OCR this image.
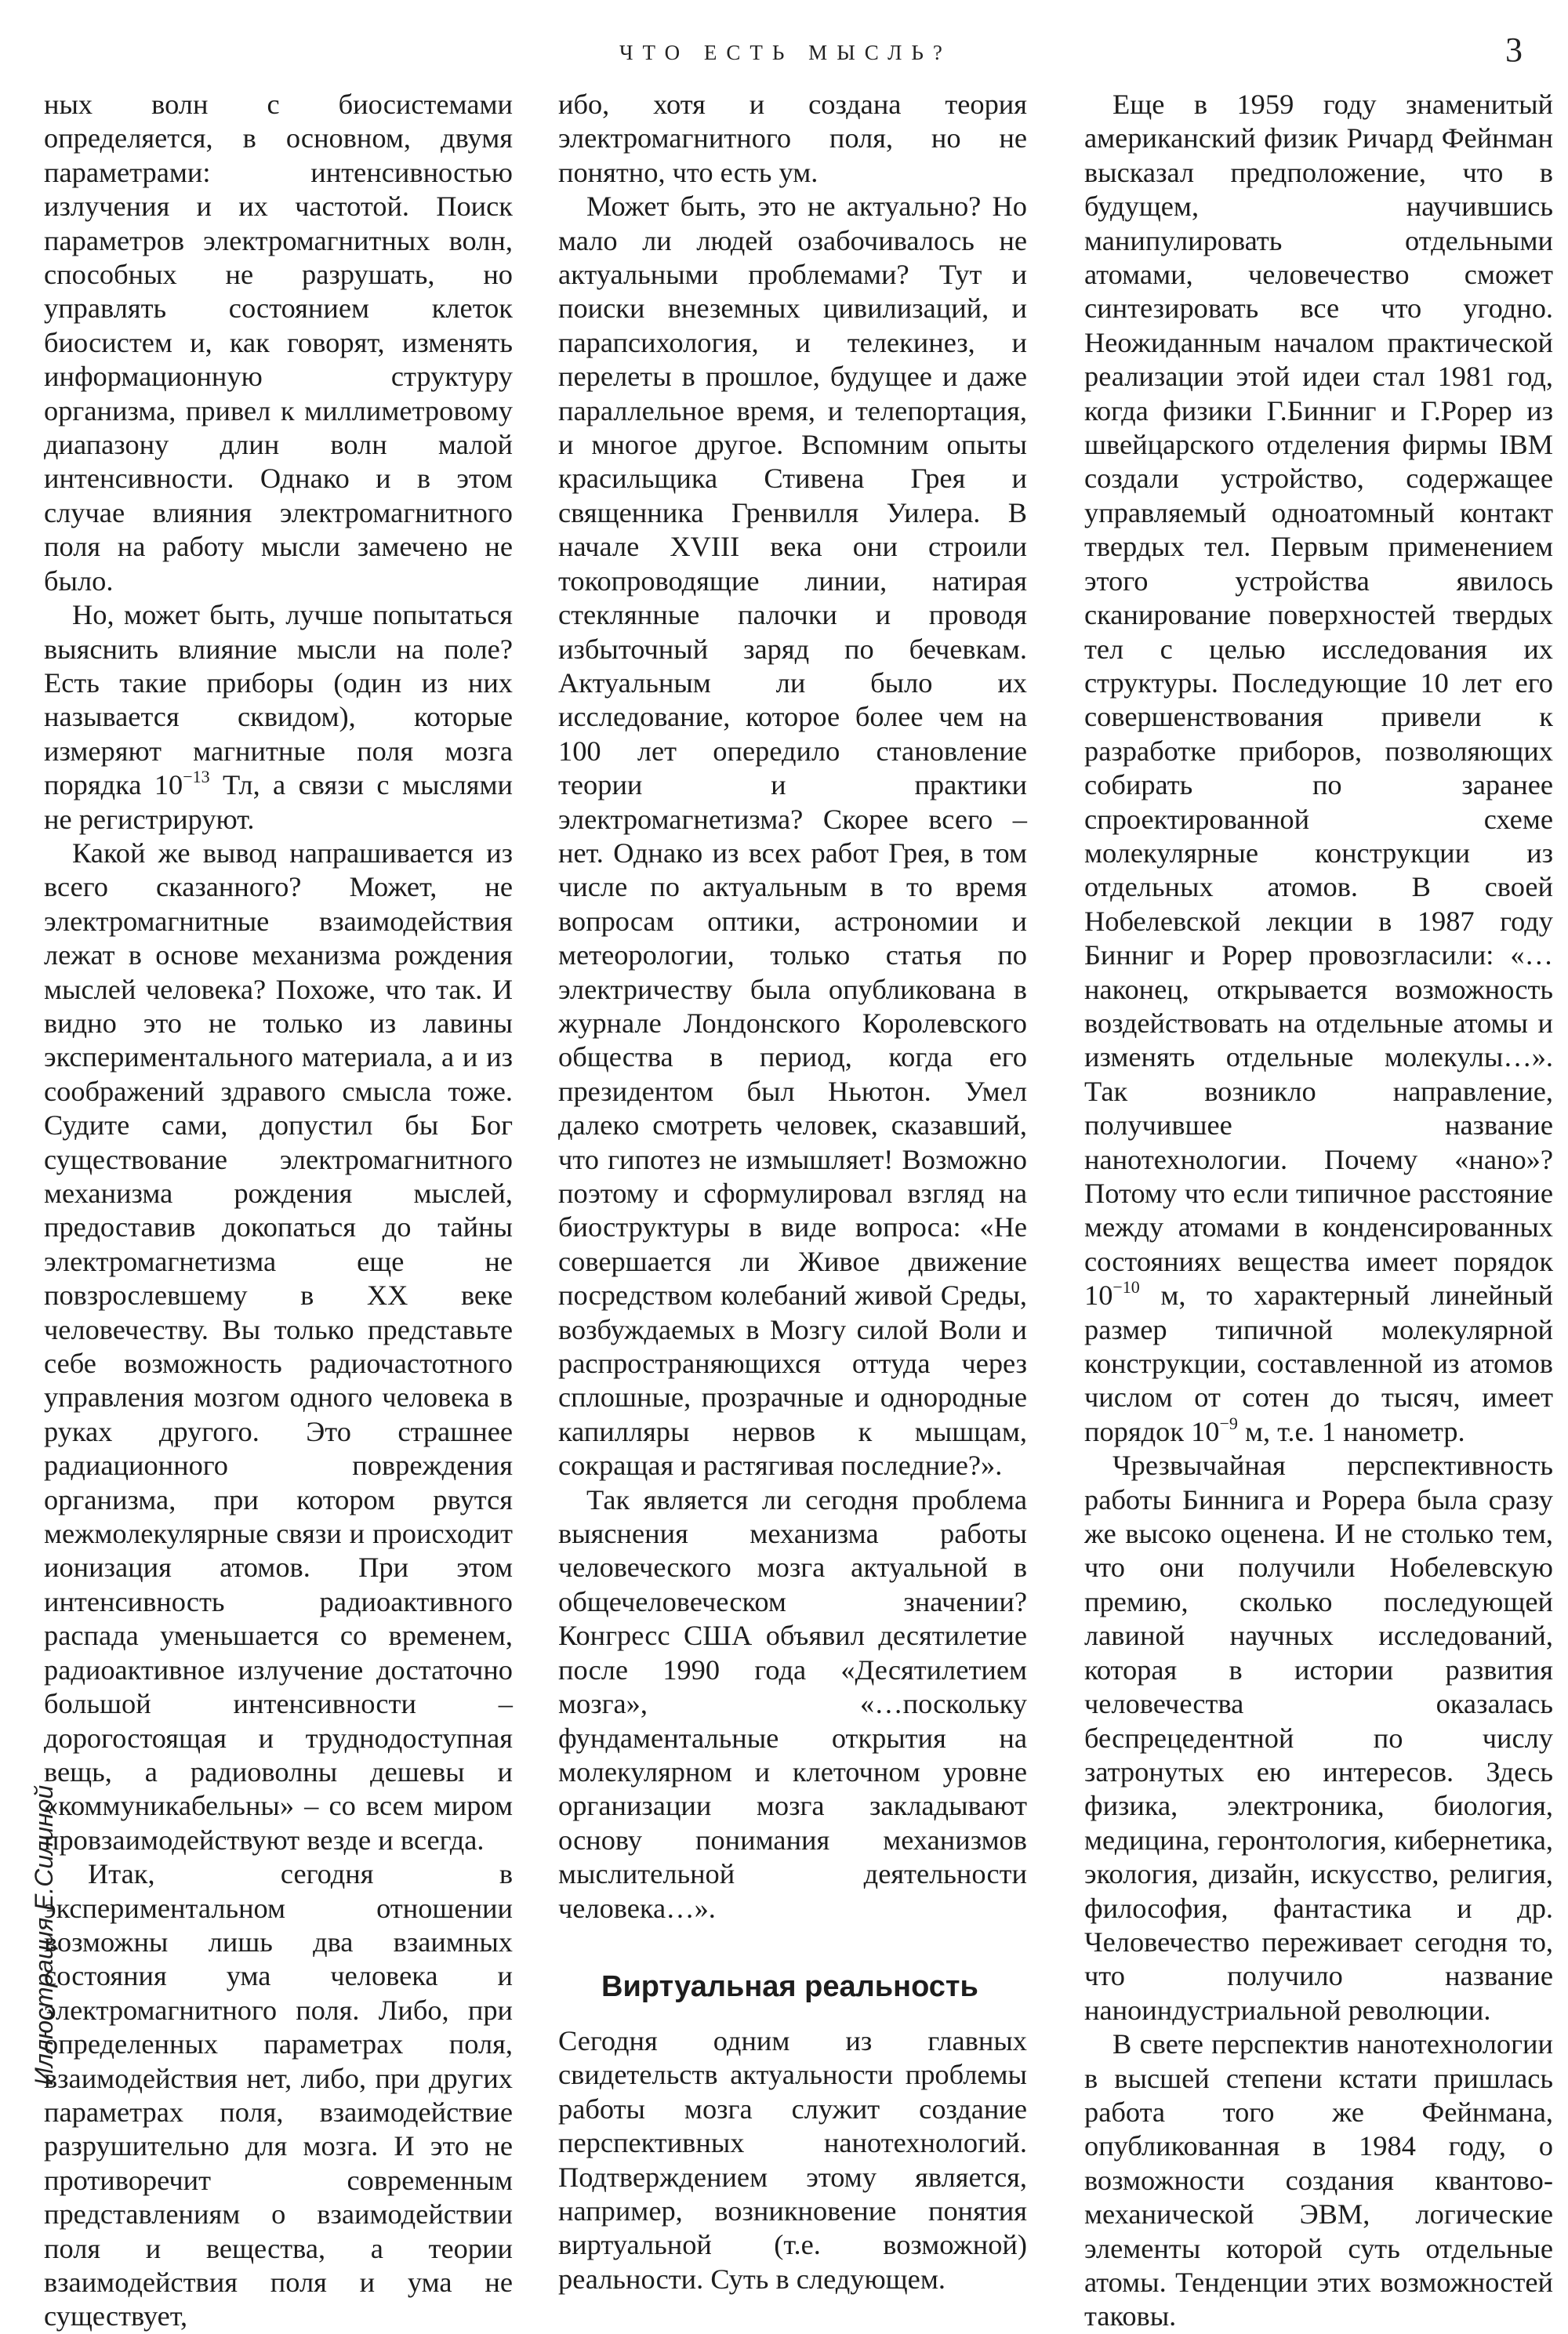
ЧТО ЕСТЬ МЫСЛЬ?	3
Иллюстрация Е.Силиной

ных волн с биосистемами определяется, в основном, двумя параметрами: интенсивностью излучения и их частотой. Поиск параметров электромагнитных волн, способных не разрушать, но управлять состоянием клеток биосистем и, как говорят, изменять информационную структуру организма, привел к миллиметровому диапазону длин волн малой интенсивности. Однако и в этом случае влияния электромагнитного поля на работу мысли замечено не было.

Но, может быть, лучше попытаться выяснить влияние мысли на поле? Есть такие приборы (один из них называется сквидом), которые измеряют магнитные поля мозга порядка $10^{-13}$ Тл, а связи с мыслями не регистрируют.

Какой же вывод напрашивается из всего сказанного? Может, не электромагнитные взаимодействия лежат в основе механизма рождения мыслей человека? Похоже, что так. И видно это не только из лавины экспериментального материала, а и из соображений здравого смысла тоже. Судите сами, допустил бы Бог существование электромагнитного механизма рождения мыслей, предоставив докопаться до тайны электромагнетизма еще не повзрослевшему в XX веке человечеству. Вы только представьте себе возможность радиочастотного управления мозгом одного человека в руках другого. Это страшнее радиационного повреждения организма, при котором рвутся межмолекулярные связи и происходит ионизация атомов. При этом интенсивность радиоактивного распада уменьшается со временем, радиоактивное излучение достаточно большой интенсивности – дорогостоящая и труднодоступная вещь, а радиоволны дешевы и «коммуникабельны» – со всем миром провзаимодействуют везде и всегда.

Итак, сегодня в экспериментальном отношении возможны лишь два взаимных состояния ума человека и электромагнитного поля. Либо, при определенных параметрах поля, взаимодействия нет, либо, при других параметрах поля, взаимодействие разрушительно для мозга. И это не противоречит современным представлениям о взаимодействии поля и вещества, а теории взаимодействия поля и ума не существует,

ибо, хотя и создана теория электромагнитного поля, но не понятно, что есть ум.

Может быть, это не актуально? Но мало ли людей озабочивалось не актуальными проблемами? Тут и поиски внеземных цивилизаций, и парапсихология, и телекинез, и перелеты в прошлое, будущее и даже параллельное время, и телепортация, и многое другое. Вспомним опыты красильщика Стивена Грея и священника Гренвилля Уилера. В начале XVIII века они строили токопроводящие линии, натирая стеклянные палочки и проводя избыточный заряд по бечевкам. Актуальным ли было их исследование, которое более чем на 100 лет опередило становление теории и практики электромагнетизма? Скорее всего – нет. Однако из всех работ Грея, в том числе по актуальным в то время вопросам оптики, астрономии и метеорологии, только статья по электричеству была опубликована в журнале Лондонского Королевского общества в период, когда его президентом был Ньютон. Умел далеко смотреть человек, сказавший, что гипотез не измышляет! Возможно поэтому и сформулировал взгляд на биоструктуры в виде вопроса: «Не совершается ли Живое движение посредством колебаний живой Среды, возбуждаемых в Мозгу силой Воли и распространяющихся оттуда через сплошные, прозрачные и однородные капилляры нервов к мышцам, сокращая и растягивая последние?».

Так является ли сегодня проблема выяснения механизма работы человеческого мозга актуальной в общечеловеческом значении? Конгресс США объявил десятилетие после 1990 года «Десятилетием мозга», «…поскольку фундаментальные открытия на молекулярном и клеточном уровне организации мозга закладывают основу понимания механизмов мыслительной деятельности человека…».

Виртуальная реальность

Сегодня одним из главных свидетельств актуальности проблемы работы мозга служит создание перспективных нанотехнологий. Подтверждением этому является, например, возникновение понятия виртуальной (т.е. возможной) реальности. Суть в следующем.

Еще в 1959 году знаменитый американский физик Ричард Фейнман высказал предположение, что в будущем, научившись манипулировать отдельными атомами, человечество сможет синтезировать все что угодно. Неожиданным началом практической реализации этой идеи стал 1981 год, когда физики Г.Бинниг и Г.Popep из швейцарского отделения фирмы IBM создали устройство, содержащее управляемый одноатомный контакт твердых тел. Первым применением этого устройства явилось сканирование поверхностей твердых тел с целью исследования их структуры. Последующие 10 лет его совершенствования привели к разработке приборов, позволяющих собирать по заранее спроектированной схеме молекулярные конструкции из отдельных атомов. В своей Нобелевской лекции в 1987 году Бинниг и Рорер провозгласили: «…наконец, открывается возможность воздействовать на отдельные атомы и изменять отдельные молекулы…». Так возникло направление, получившее название нанотехнологии. Почему «нано»? Потому что если типичное расстояние между атомами в конденсированных состояниях вещества имеет порядок $10^{-10}$ м, то характерный линейный размер типичной молекулярной конструкции, составленной из атомов числом от сотен до тысяч, имеет порядок $10^{-9}$ м, т.е. 1 нанометр.

Чрезвычайная перспективность работы Биннига и Popepa была сразу же высоко оценена. И не столько тем, что они получили Нобелевскую премию, сколько последующей лавиной научных исследований, которая в истории развития человечества оказалась беспрецедентной по числу затронутых ею интересов. Здесь физика, электроника, биология, медицина, геронтология, кибернетика, экология, дизайн, искусство, религия, философия, фантастика и др. Человечество переживает сегодня то, что получило название наноиндустриальной революции.

В свете перспектив нанотехнологии в высшей степени кстати пришлась работа того же Фейнмана, опубликованная в 1984 году, о возможности создания квантово-механической ЭВМ, логические элементы которой суть отдельные атомы. Тенденции этих возможностей таковы.
